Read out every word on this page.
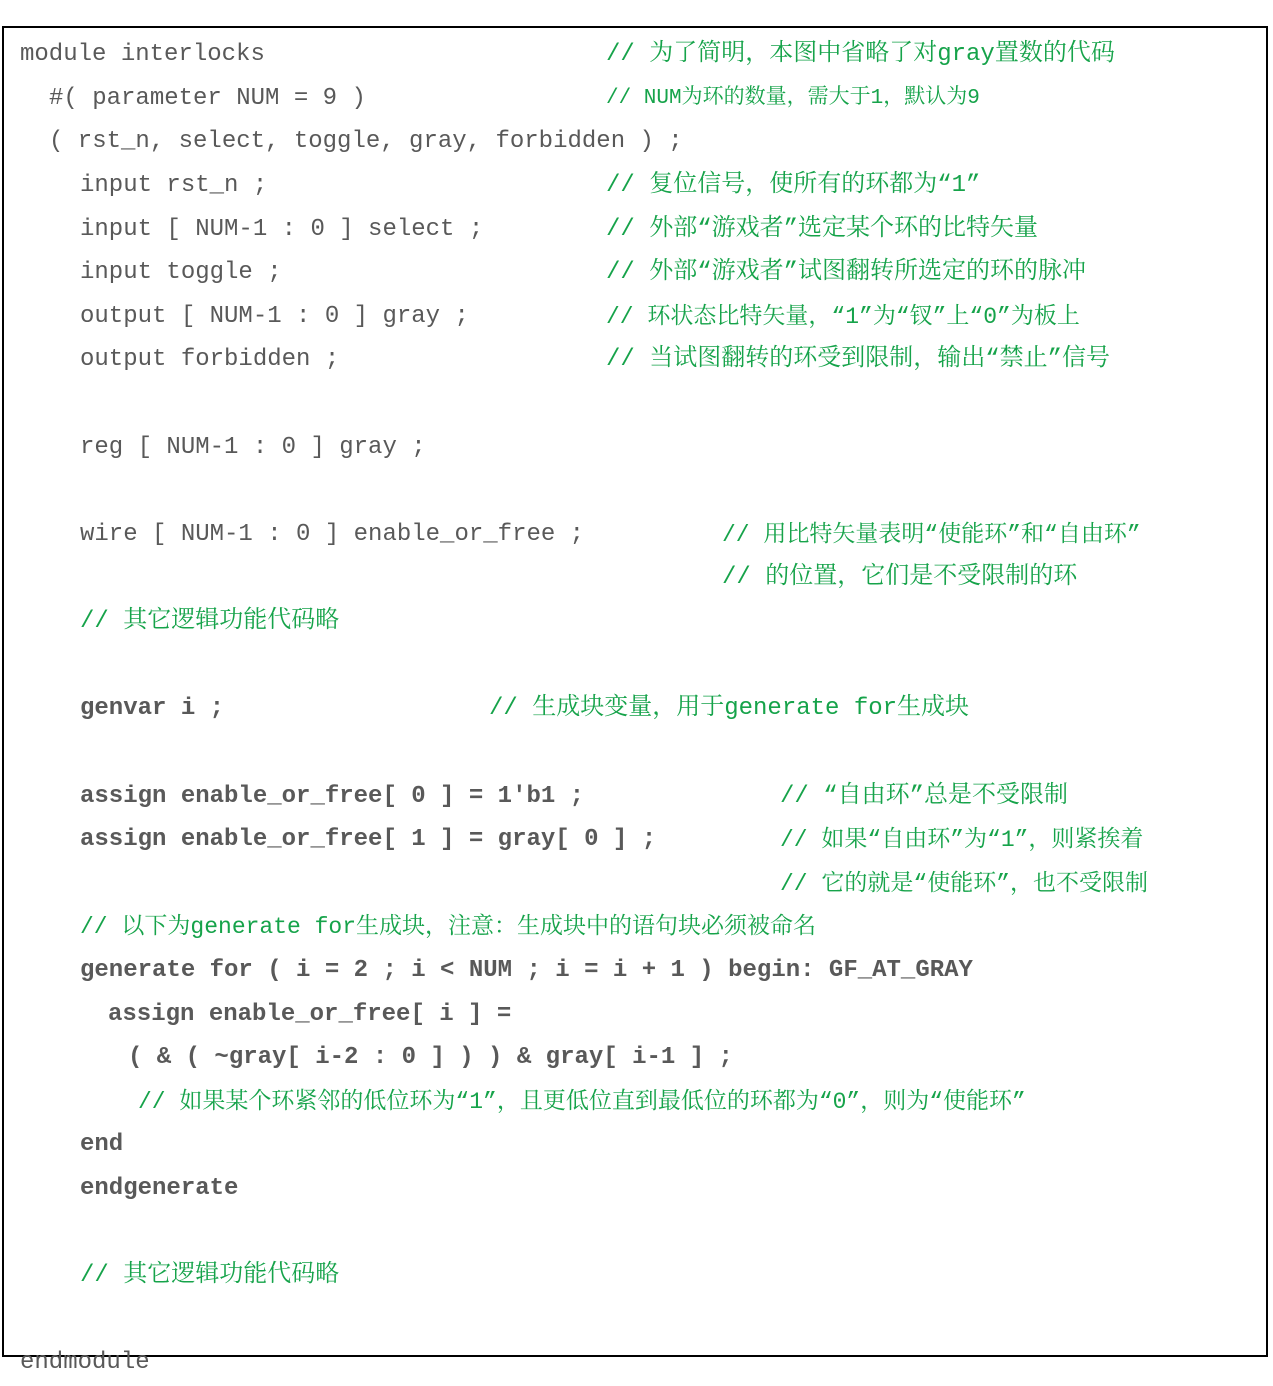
module interlocks	// 为了简明，本图中省略了对gray置数的代码
#( parameter NUM = 9 )	// NUM为环的数量，需大于1，默认为9
( rst_n, select, toggle, gray, forbidden ) ;
input rst_n ;	// 复位信号，使所有的环都为“1”
input [ NUM-1 : 0 ] select ;	// 外部“游戏者”选定某个环的比特矢量
input toggle ;	// 外部“游戏者”试图翻转所选定的环的脉冲
output [ NUM-1 : 0 ] gray ;	// 环状态比特矢量，“1”为“钗”上“0”为板上
output forbidden ;	// 当试图翻转的环受到限制，输出“禁止”信号
reg [ NUM-1 : 0 ] gray ;
wire [ NUM-1 : 0 ] enable_or_free ;	// 用比特矢量表明“使能环”和“自由环”
// 的位置，它们是不受限制的环
// 其它逻辑功能代码略
genvar i ;	// 生成块变量，用于generate for生成块
assign enable_or_free[ 0 ] = 1'b1 ;	// “自由环”总是不受限制
assign enable_or_free[ 1 ] = gray[ 0 ] ;	// 如果“自由环”为“1”，则紧挨着
// 它的就是“使能环”，也不受限制
// 以下为generate for生成块，注意：生成块中的语句块必须被命名
generate for ( i = 2 ; i < NUM ; i = i + 1 ) begin: GF_AT_GRAY
assign enable_or_free[ i ] =
( & ( ~gray[ i-2 : 0 ] ) ) & gray[ i-1 ] ;
// 如果某个环紧邻的低位环为“1”，且更低位直到最低位的环都为“0”，则为“使能环”
end
endgenerate
// 其它逻辑功能代码略
endmodule
